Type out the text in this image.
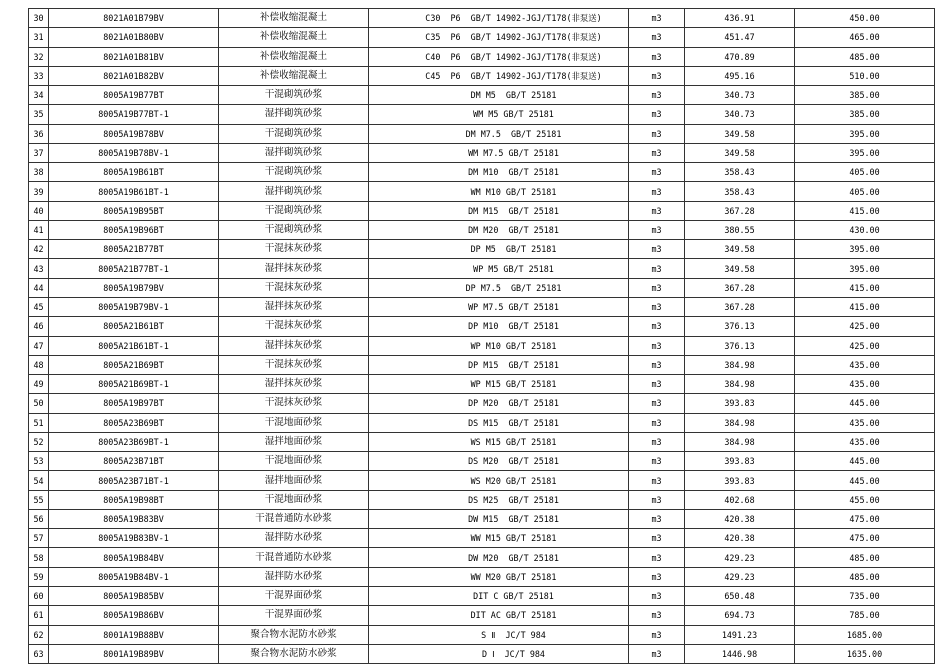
30	8021A01B79BV	补偿收缩混凝土	C30  P6  GB/T 14902-JGJ/T178(非泵送)	m3	436.91	450.00
31	8021A01B80BV	补偿收缩混凝土	C35  P6  GB/T 14902-JGJ/T178(非泵送)	m3	451.47	465.00
32	8021A01B81BV	补偿收缩混凝土	C40  P6  GB/T 14902-JGJ/T178(非泵送)	m3	470.89	485.00
33	8021A01B82BV	补偿收缩混凝土	C45  P6  GB/T 14902-JGJ/T178(非泵送)	m3	495.16	510.00
34	8005A19B77BT	干混砌筑砂浆	DM M5  GB/T 25181	m3	340.73	385.00
35	8005A19B77BT-1	湿拌砌筑砂浆	WM M5 GB/T 25181	m3	340.73	385.00
36	8005A19B78BV	干混砌筑砂浆	DM M7.5  GB/T 25181	m3	349.58	395.00
37	8005A19B78BV-1	湿拌砌筑砂浆	WM M7.5 GB/T 25181	m3	349.58	395.00
38	8005A19B61BT	干混砌筑砂浆	DM M10  GB/T 25181	m3	358.43	405.00
39	8005A19B61BT-1	湿拌砌筑砂浆	WM M10 GB/T 25181	m3	358.43	405.00
40	8005A19B95BT	干混砌筑砂浆	DM M15  GB/T 25181	m3	367.28	415.00
41	8005A19B96BT	干混砌筑砂浆	DM M20  GB/T 25181	m3	380.55	430.00
42	8005A21B77BT	干混抹灰砂浆	DP M5  GB/T 25181	m3	349.58	395.00
43	8005A21B77BT-1	湿拌抹灰砂浆	WP M5 GB/T 25181	m3	349.58	395.00
44	8005A19B79BV	干混抹灰砂浆	DP M7.5  GB/T 25181	m3	367.28	415.00
45	8005A19B79BV-1	湿拌抹灰砂浆	WP M7.5 GB/T 25181	m3	367.28	415.00
46	8005A21B61BT	干混抹灰砂浆	DP M10  GB/T 25181	m3	376.13	425.00
47	8005A21B61BT-1	湿拌抹灰砂浆	WP M10 GB/T 25181	m3	376.13	425.00
48	8005A21B69BT	干混抹灰砂浆	DP M15  GB/T 25181	m3	384.98	435.00
49	8005A21B69BT-1	湿拌抹灰砂浆	WP M15 GB/T 25181	m3	384.98	435.00
50	8005A19B97BT	干混抹灰砂浆	DP M20  GB/T 25181	m3	393.83	445.00
51	8005A23B69BT	干混地面砂浆	DS M15  GB/T 25181	m3	384.98	435.00
52	8005A23B69BT-1	湿拌地面砂浆	WS M15 GB/T 25181	m3	384.98	435.00
53	8005A23B71BT	干混地面砂浆	DS M20  GB/T 25181	m3	393.83	445.00
54	8005A23B71BT-1	湿拌地面砂浆	WS M20 GB/T 25181	m3	393.83	445.00
55	8005A19B98BT	干混地面砂浆	DS M25  GB/T 25181	m3	402.68	455.00
56	8005A19B83BV	干混普通防水砂浆	DW M15  GB/T 25181	m3	420.38	475.00
57	8005A19B83BV-1	湿拌防水砂浆	WW M15 GB/T 25181	m3	420.38	475.00
58	8005A19B84BV	干混普通防水砂浆	DW M20  GB/T 25181	m3	429.23	485.00
59	8005A19B84BV-1	湿拌防水砂浆	WW M20 GB/T 25181	m3	429.23	485.00
60	8005A19B85BV	干混界面砂浆	DIT C GB/T 25181	m3	650.48	735.00
61	8005A19B86BV	干混界面砂浆	DIT AC GB/T 25181	m3	694.73	785.00
62	8001A19B88BV	聚合物水泥防水砂浆	S Ⅱ  JC/T 984	m3	1491.23	1685.00
63	8001A19B89BV	聚合物水泥防水砂浆	D Ⅰ  JC/T 984	m3	1446.98	1635.00
